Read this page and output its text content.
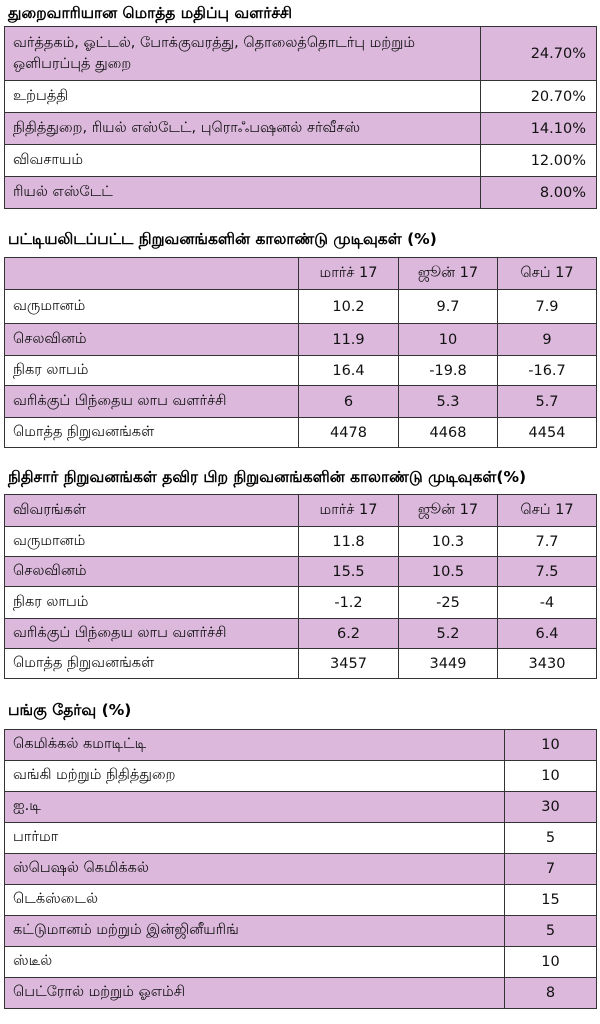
துறைவாரியான மொத்த மதிப்பு வளர்ச்சி
வர்த்தகம், ஓட்டல், போக்குவரத்து, தொலைத்தொடர்பு மற்றும் ஒளிபரப்புத் துறை	24.70%
உற்பத்தி	20.70%
நிதித்துறை, ரியல் எஸ்டேட், புரொஃபஷனல் சர்வீசஸ்	14.10%
விவசாயம்	12.00%
ரியல் எஸ்டேட்	8.00%
பட்டியலிடப்பட்ட நிறுவனங்களின் காலாண்டு முடிவுகள் (%)
	மார்ச் 17	ஜூன் 17	செப் 17
வருமானம்	10.2	9.7	7.9
செலவினம்	11.9	10	9
நிகர லாபம்	16.4	-19.8	-16.7
வரிக்குப் பிந்தைய லாப வளர்ச்சி	6	5.3	5.7
மொத்த நிறுவனங்கள்	4478	4468	4454
நிதிசார் நிறுவனங்கள் தவிர பிற நிறுவனங்களின் காலாண்டு முடிவுகள்(%)
விவரங்கள்	மார்ச் 17	ஜூன் 17	செப் 17
வருமானம்	11.8	10.3	7.7
செலவினம்	15.5	10.5	7.5
நிகர லாபம்	-1.2	-25	-4
வரிக்குப் பிந்தைய லாப வளர்ச்சி	6.2	5.2	6.4
மொத்த நிறுவனங்கள்	3457	3449	3430
பங்கு தேர்வு (%)
கெமிக்கல் கமாடிட்டி	10
வங்கி மற்றும் நிதித்துறை	10
ஐ.டி	30
பார்மா	5
ஸ்பெஷல் கெமிக்கல்	7
டெக்ஸ்டைல்	15
கட்டுமானம் மற்றும் இன்ஜினீயரிங்	5
ஸ்டீல்	10
பெட்ரோல் மற்றும் ஓஎம்சி	8
